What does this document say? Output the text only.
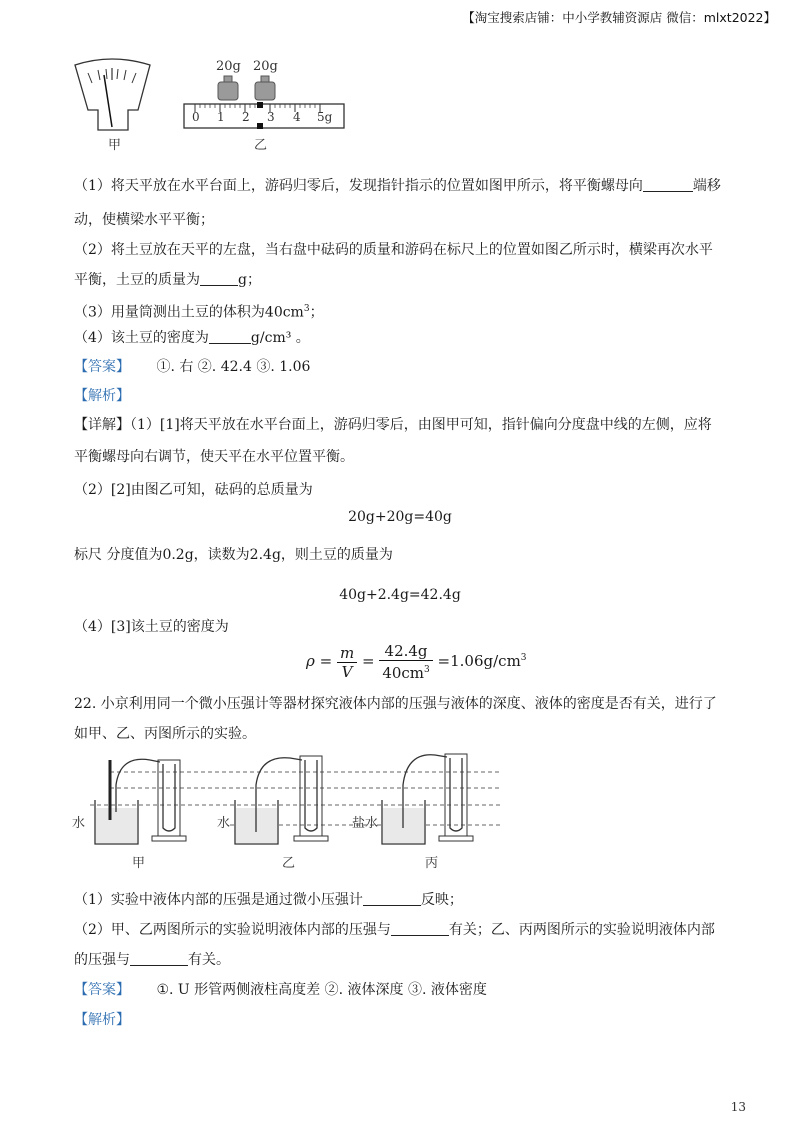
【淘宝搜索店铺：中小学教辅资源店 微信：mlxt2022】
20g 20g
0 1 2 3 4 5g
甲	乙
（1）将天平放在水平台面上，游码归零后，发现指针指示的位置如图甲所示，将平衡螺母向	端移
动，使横梁水平平衡；
（2）将土豆放在天平的左盘，当右盘中砝码的质量和游码在标尺上的位置如图乙所示时，横梁再次水平
平衡，土豆的质量为	g；
（3）用量筒测出土豆的体积为$40cm^3$；
（4）该土豆的密度为	g/cm³ 。
【答案】 ①. 右 ②. 42.4 ③. 1.06
【解析】
【详解】（1）[1]将天平放在水平台面上，游码归零后，由图甲可知，指针偏向分度盘中线的左侧，应将
平衡螺母向右调节，使天平在水平位置平衡。
（2）[2]由图乙可知，砝码的总质量为
20g+20g=40g
标尺 分度值为0.2g，读数为2.4g，则土豆的质量为
40g+2.4g=42.4g
（4）[3]该土豆的密度为
$\rho = \frac{m}{V} = \frac{42.4g}{40cm^3} =1.06g/cm^3$
22. 小京利用同一个微小压强计等器材探究液体内部的压强与液体的深度、液体的密度是否有关，进行了
如甲、乙、丙图所示的实验。
水	水	盐水
甲	乙	丙
（1）实验中液体内部的压强是通过微小压强计	反映；
（2）甲、乙两图所示的实验说明液体内部的压强与	有关；乙、丙两图所示的实验说明液体内部
的压强与	有关。
【答案】 ①. U 形管两侧液柱高度差 ②. 液体深度 ③. 液体密度
【解析】
13
